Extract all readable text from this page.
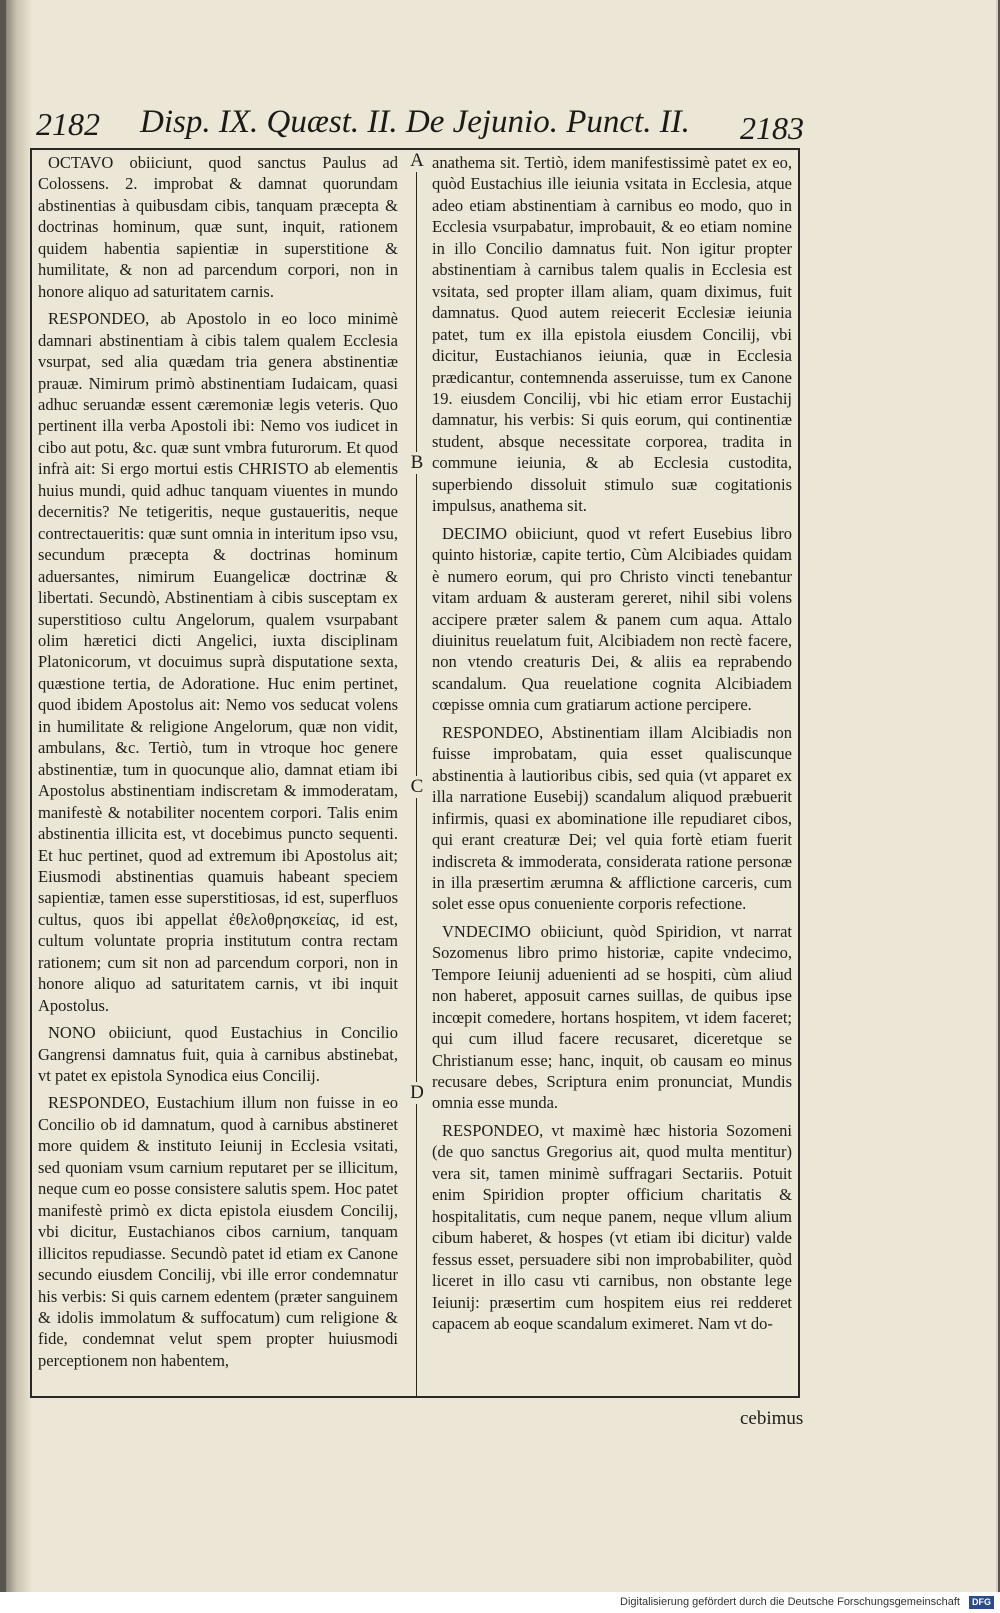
2182	Disp. IX. Quæst. II. De Jejunio. Punct. II.	2183

OCTAVO obiiciunt, quod sanctus Paulus ad Colossens. 2. improbat & damnat quorundam abstinentias à quibusdam cibis, tanquam præcepta & doctrinas hominum, quæ sunt, inquit, rationem quidem habentia sapientiæ in superstitione & humilitate, & non ad parcendum corpori, non in honore aliquo ad saturitatem carnis.

RESPONDEO, ab Apostolo in eo loco minimè damnari abstinentiam à cibis talem qualem Ecclesia vsurpat, sed alia quædam tria genera abstinentiæ prauæ. Nimirum primò abstinentiam Iudaicam, quasi adhuc seruandæ essent cæremoniæ legis veteris. Quo pertinent illa verba Apostoli ibi: Nemo vos iudicet in cibo aut potu, &c. quæ sunt vmbra futurorum. Et quod infrà ait: Si ergo mortui estis CHRISTO ab elementis huius mundi, quid adhuc tanquam viuentes in mundo decernitis? Ne tetigeritis, neque gustaueritis, neque contrectaueritis: quæ sunt omnia in interitum ipso vsu, secundum præcepta & doctrinas hominum aduersantes, nimirum Euangelicæ doctrinæ & libertati. Secundò, Abstinentiam à cibis susceptam ex superstitioso cultu Angelorum, qualem vsurpabant olim hæretici dicti Angelici, iuxta disciplinam Platonicorum, vt docuimus suprà disputatione sexta, quæstione tertia, de Adoratione. Huc enim pertinet, quod ibidem Apostolus ait: Nemo vos seducat volens in humilitate & religione Angelorum, quæ non vidit, ambulans, &c. Tertiò, tum in vtroque hoc genere abstinentiæ, tum in quocunque alio, damnat etiam ibi Apostolus abstinentiam indiscretam & immoderatam, manifestè & notabiliter nocentem corpori. Talis enim abstinentia illicita est, vt docebimus puncto sequenti. Et huc pertinet, quod ad extremum ibi Apostolus ait; Eiusmodi abstinentias quamuis habeant speciem sapientiæ, tamen esse superstitiosas, id est, superfluos cultus, quos ibi appellat ἐθελοθρησκείας, id est, cultum voluntate propria institutum contra rectam rationem; cum sit non ad parcendum corpori, non in honore aliquo ad saturitatem carnis, vt ibi inquit Apostolus.

NONO obiiciunt, quod Eustachius in Concilio Gangrensi damnatus fuit, quia à carnibus abstinebat, vt patet ex epistola Synodica eius Concilij.

RESPONDEO, Eustachium illum non fuisse in eo Concilio ob id damnatum, quod à carnibus abstineret more quidem & instituto Ieiunij in Ecclesia vsitati, sed quoniam vsum carnium reputaret per se illicitum, neque cum eo posse consistere salutis spem. Hoc patet manifestè primò ex dicta epistola eiusdem Concilij, vbi dicitur, Eustachianos cibos carnium, tanquam illicitos repudiasse. Secundò patet id etiam ex Canone secundo eiusdem Concilij, vbi ille error condemnatur his verbis: Si quis carnem edentem (præter sanguinem & idolis immolatum & suffocatum) cum religione & fide, condemnat velut spem propter huiusmodi perceptionem non habentem,

anathema sit. Tertiò, idem manifestissimè patet ex eo, quòd Eustachius ille ieiunia vsitata in Ecclesia, atque adeo etiam abstinentiam à carnibus eo modo, quo in Ecclesia vsurpabatur, improbauit, & eo etiam nomine in illo Concilio damnatus fuit. Non igitur propter abstinentiam à carnibus talem qualis in Ecclesia est vsitata, sed propter illam aliam, quam diximus, fuit damnatus. Quod autem reiecerit Ecclesiæ ieiunia patet, tum ex illa epistola eiusdem Concilij, vbi dicitur, Eustachianos ieiunia, quæ in Ecclesia prædicantur, contemnenda asseruisse, tum ex Canone 19. eiusdem Concilij, vbi hic etiam error Eustachij damnatur, his verbis: Si quis eorum, qui continentiæ student, absque necessitate corporea, tradita in commune ieiunia, & ab Ecclesia custodita, superbiendo dissoluit stimulo suæ cogitationis impulsus, anathema sit.

DECIMO obiiciunt, quod vt refert Eusebius libro quinto historiæ, capite tertio, Cùm Alcibiades quidam è numero eorum, qui pro Christo vincti tenebantur vitam arduam & austeram gereret, nihil sibi volens accipere præter salem & panem cum aqua. Attalo diuinitus reuelatum fuit, Alcibiadem non rectè facere, non vtendo creaturis Dei, & aliis ea reprabendo scandalum. Qua reuelatione cognita Alcibiadem cœpisse omnia cum gratiarum actione percipere.

RESPONDEO, Abstinentiam illam Alcibiadis non fuisse improbatam, quia esset qualiscunque abstinentia à lautioribus cibis, sed quia (vt apparet ex illa narratione Eusebij) scandalum aliquod præbuerit infirmis, quasi ex abominatione ille repudiaret cibos, qui erant creaturæ Dei; vel quia fortè etiam fuerit indiscreta & immoderata, considerata ratione personæ in illa præsertim ærumna & afflictione carceris, cum solet esse opus conueniente corporis refectione.

VNDECIMO obiiciunt, quòd Spiridion, vt narrat Sozomenus libro primo historiæ, capite vndecimo, Tempore Ieiunij aduenienti ad se hospiti, cùm aliud non haberet, apposuit carnes suillas, de quibus ipse incœpit comedere, hortans hospitem, vt idem faceret; qui cum illud facere recusaret, diceretque se Christianum esse; hanc, inquit, ob causam eo minus recusare debes, Scriptura enim pronunciat, Mundis omnia esse munda.

RESPONDEO, vt maximè hæc historia Sozomeni (de quo sanctus Gregorius ait, quod multa mentitur) vera sit, tamen minimè suffragari Sectariis. Potuit enim Spiridion propter officium charitatis & hospitalitatis, cum neque panem, neque vllum alium cibum haberet, & hospes (vt etiam ibi dicitur) valde fessus esset, persuadere sibi non improbabiliter, quòd liceret in illo casu vti carnibus, non obstante lege Ieiunij: præsertim cum hospitem eius rei redderet capacem ab eoque scandalum eximeret. Nam vt do-

A
B
C
D
cebimus
Digitalisierung gefördert durch die Deutsche Forschungsgemeinschaft	DFG
